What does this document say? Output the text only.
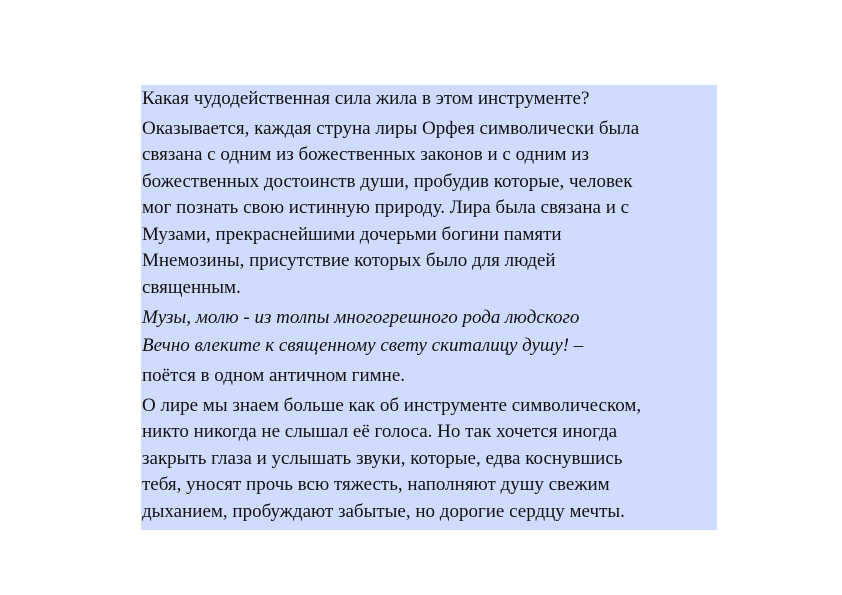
Какая чудодейственная сила жила в этом инструменте?

Оказывается, каждая струна лиры Орфея символически была
связана с одним из божественных законов и с одним из
божественных достоинств души, пробудив которые, человек
мог познать свою истинную природу. Лира была связана и с
Музами, прекраснейшими дочерьми богини памяти
Мнемозины, присутствие которых было для людей
священным.

Музы, молю - из толпы многогрешного рода людского
Вечно влеките к священному свету скиталицу душу! –

поётся в одном античном гимне.

О лире мы знаем больше как об инструменте символическом,
никто никогда не слышал её голоса. Но так хочется иногда
закрыть глаза и услышать звуки, которые, едва коснувшись
тебя, уносят прочь всю тяжесть, наполняют душу свежим
дыханием, пробуждают забытые, но дорогие сердцу мечты.
